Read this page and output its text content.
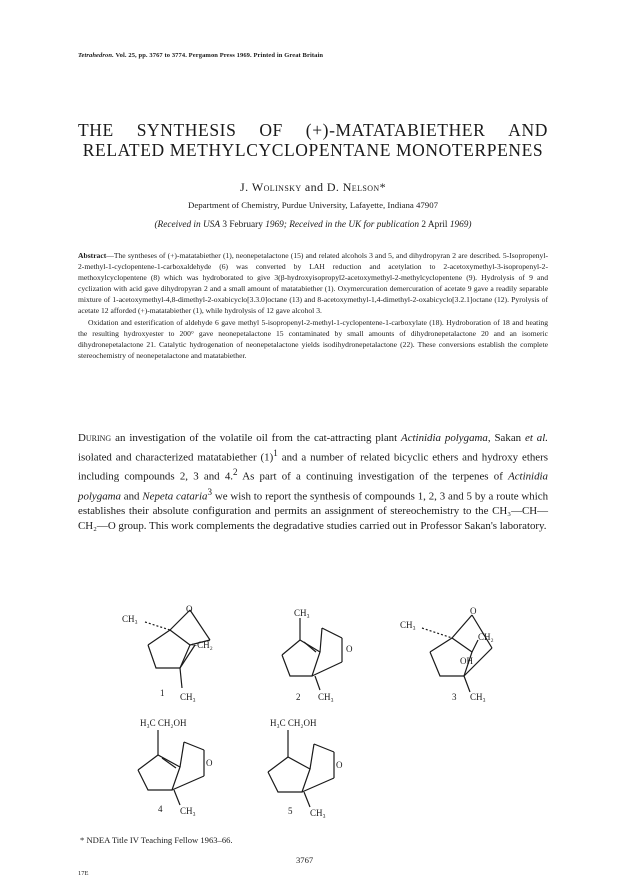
Tetrahedron. Vol. 25, pp. 3767 to 3774. Pergamon Press 1969. Printed in Great Britain
THE SYNTHESIS OF (+)-MATATABIETHER AND
RELATED METHYLCYCLOPENTANE MONOTERPENES
J. Wolinsky and D. Nelson*
Department of Chemistry, Purdue University, Lafayette, Indiana 47907
(Received in USA 3 February 1969; Received in the UK for publication 2 April 1969)

Abstract—The syntheses of (+)-matatabiether (1), neonepetalactone (15) and related alcohols 3 and 5, and dihydropyran 2 are described. 5-Isopropenyl-2-methyl-1-cyclopentene-1-carboxaldehyde (6) was converted by LAH reduction and acetylation to 2-acetoxymethyl-3-isopropenyl-2-methoxylcyclopentene (8) which was hydroborated to give 3(β-hydroxyisopropyl2-acetoxymethyl-2-methylcyclopentene (9). Hydrolysis of 9 and cyclization with acid gave dihydropyran 2 and a small amount of matatabiether (1). Oxymercuration demercuration of acetate 9 gave a readily separable mixture of 1-acetoxymethyl-4,8-dimethyl-2-oxabicyclo[3.3.0]octane (13) and 8-acetoxymethyl-1,4-dimethyl-2-oxabicyclo[3.2.1]octane (12). Pyrolysis of acetate 12 afforded (+)-matatabiether (1), while hydrolysis of 12 gave alcohol 3.

Oxidation and esterification of aldehyde 6 gave methyl 5-isopropenyl-2-methyl-1-cyclopentene-1-carboxylate (18). Hydroboration of 18 and heating the resulting hydroxyester to 200° gave neonepetalactone 15 contaminated by small amounts of dihydronepetalactone 20 and an isomeric dihydronepetalactone 21. Catalytic hydrogenation of neonepetalactone yields isodihydronepetalactone (22). These conversions establish the complete stereochemistry of neonepetalactone and matatabiether.

During an investigation of the volatile oil from the cat-attracting plant Actinidia polygama, Sakan et al. isolated and characterized matatabiether $(1)^1$ and a number of related bicyclic ethers and hydroxy ethers including compounds 2, 3 and 4.$^2$ As part of a continuing investigation of the terpenes of Actinidia polygama and Nepeta cataria$^3$ we wish to report the synthesis of compounds 1, 2, 3 and 5 by a route which establishes their absolute configuration and permits an assignment of stereochemistry to the CH₃—CH—CH₂—O group. This work complements the degradative studies carried out in Professor Sakan's laboratory.
CH₃
O
=CH₂
CH₃
1
CH₃
O
CH₃
2
CH₃
O
CH₂
OH
CH₃
3
H₃C CH₂OH
O
CH₃
4
H₃C CH₂OH
O
CH₃
5
* NDEA Title IV Teaching Fellow 1963–66.
3767
17E
